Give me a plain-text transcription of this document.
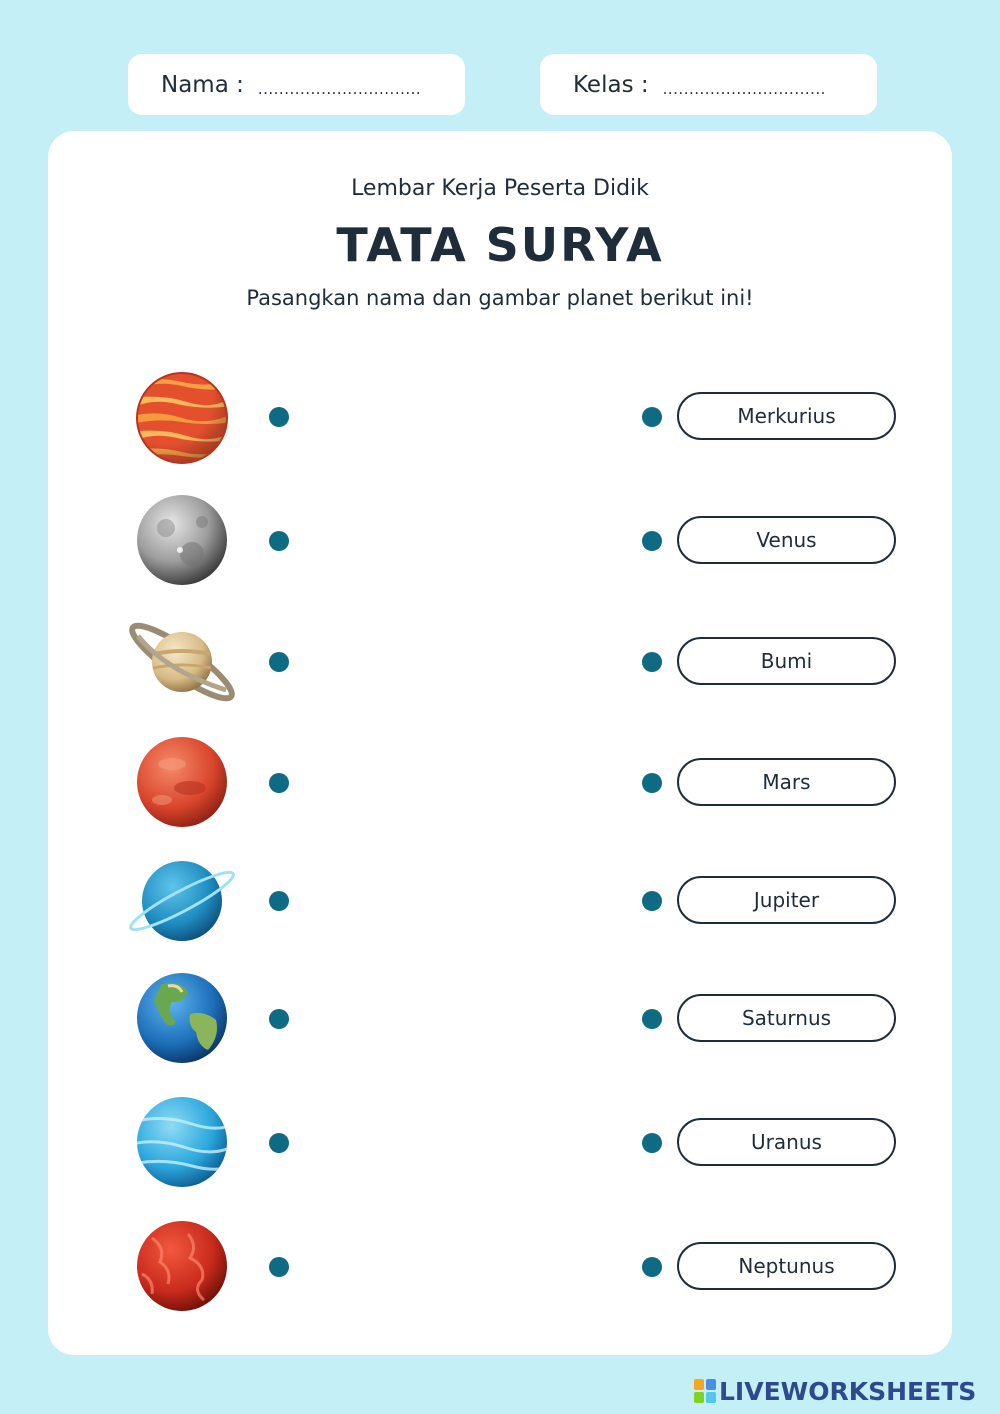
Nama : ...............................	Kelas : ...............................
Lembar Kerja Peserta Didik
TATA SURYA
Pasangkan nama dan gambar planet berikut ini!
Merkurius
Venus
Bumi
Mars
Jupiter
Saturnus
Uranus
Neptunus
LIVEWORKSHEETS
